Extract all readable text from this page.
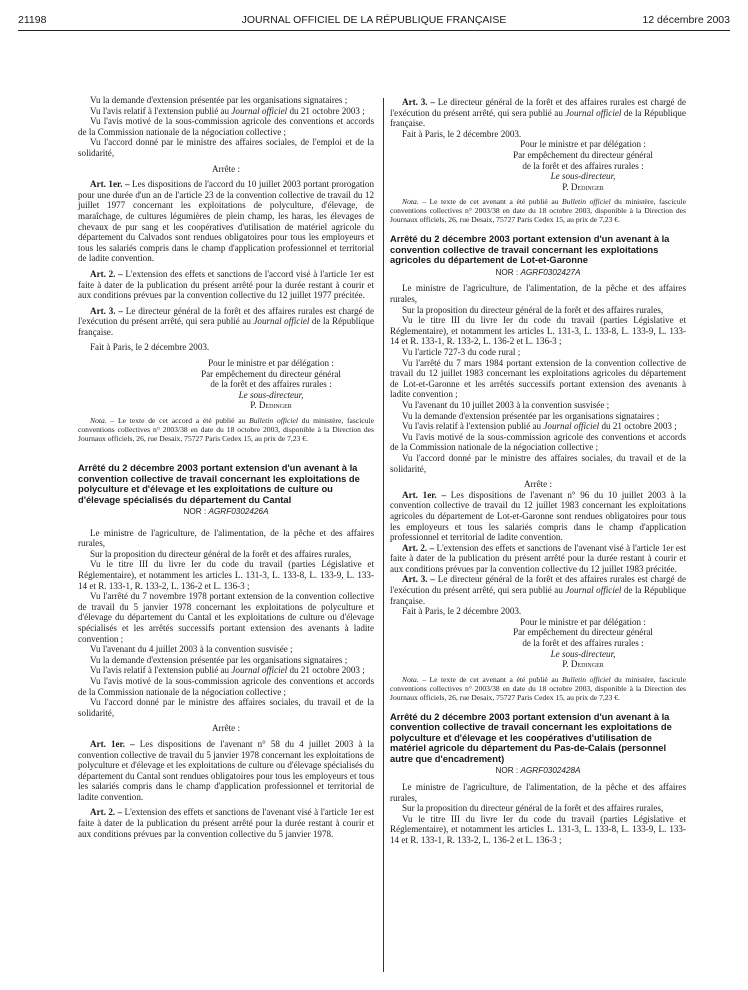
21198	JOURNAL OFFICIEL DE LA RÉPUBLIQUE FRANÇAISE	12 décembre 2003

Vu la demande d'extension présentée par les organisations signataires ;

Vu l'avis relatif à l'extension publié au Journal officiel du 21 octobre 2003 ;

Vu l'avis motivé de la sous-commission agricole des conventions et accords de la Commission nationale de la négociation collective ;

Vu l'accord donné par le ministre des affaires sociales, de l'emploi et de la solidarité,

Arrête :

Art. 1er. – Les dispositions de l'accord du 10 juillet 2003 portant prorogation pour une durée d'un an de l'article 23 de la convention collective de travail du 12 juillet 1977 concernant les exploitations de polyculture, d'élevage, de maraîchage, de cultures légumières de plein champ, les haras, les élevages de chevaux de pur sang et les coopératives d'utilisation de matériel agricole du département du Calvados sont rendues obligatoires pour tous les employeurs et tous les salariés compris dans le champ d'application professionnel et territorial de ladite convention.

Art. 2. – L'extension des effets et sanctions de l'accord visé à l'article 1er est faite à dater de la publication du présent arrêté pour la durée restant à courir et aux conditions prévues par la convention collective du 12 juillet 1977 précitée.

Art. 3. – Le directeur général de la forêt et des affaires rurales est chargé de l'exécution du présent arrêté, qui sera publié au Journal officiel de la République française.

Fait à Paris, le 2 décembre 2003.

Pour le ministre et par délégation :
Par empêchement du directeur général
de la forêt et des affaires rurales :
Le sous-directeur,
P. Dedinger

Nota. – Le texte de cet accord a été publié au Bulletin officiel du ministère, fascicule conventions collectives n° 2003/38 en date du 18 octobre 2003, disponible à la Direction des Journaux officiels, 26, rue Desaix, 75727 Paris Cedex 15, au prix de 7,23 €.

Arrêté du 2 décembre 2003 portant extension d'un avenant à la convention collective de travail concernant les exploitations de polyculture et d'élevage et les exploitations de culture ou d'élevage spécialisés du département du Cantal

NOR : AGRF0302426A

Le ministre de l'agriculture, de l'alimentation, de la pêche et des affaires rurales,

Sur la proposition du directeur général de la forêt et des affaires rurales,

Vu le titre III du livre Ier du code du travail (parties Législative et Réglementaire), et notamment les articles L. 131-3, L. 133-8, L. 133-9, L. 133-14 et R. 133-1, R. 133-2, L. 136-2 et L. 136-3 ;

Vu l'arrêté du 7 novembre 1978 portant extension de la convention collective de travail du 5 janvier 1978 concernant les exploitations de polyculture et d'élevage du département du Cantal et les exploitations de culture ou d'élevage spécialisés et les arrêtés successifs portant extension des avenants à ladite convention ;

Vu l'avenant du 4 juillet 2003 à la convention susvisée ;

Vu la demande d'extension présentée par les organisations signataires ;

Vu l'avis relatif à l'extension publié au Journal officiel du 21 octobre 2003 ;

Vu l'avis motivé de la sous-commission agricole des conventions et accords de la Commission nationale de la négociation collective ;

Vu l'accord donné par le ministre des affaires sociales, du travail et de la solidarité,

Arrête :

Art. 1er. – Les dispositions de l'avenant n° 58 du 4 juillet 2003 à la convention collective de travail du 5 janvier 1978 concernant les exploitations de polyculture et d'élevage et les exploitations de culture ou d'élevage spécialisés du département du Cantal sont rendues obligatoires pour tous les employeurs et tous les salariés compris dans le champ d'application professionnel et territorial de ladite convention.

Art. 2. – L'extension des effets et sanctions de l'avenant visé à l'article 1er est faite à dater de la publication du présent arrêté pour la durée restant à courir et aux conditions prévues par la convention collective du 5 janvier 1978.

Art. 3. – Le directeur général de la forêt et des affaires rurales est chargé de l'exécution du présent arrêté, qui sera publié au Journal officiel de la République française.

Fait à Paris, le 2 décembre 2003.

Pour le ministre et par délégation :
Par empêchement du directeur général
de la forêt et des affaires rurales :
Le sous-directeur,
P. Dedinger

Nota. – Le texte de cet avenant a été publié au Bulletin officiel du ministère, fascicule conventions collectives n° 2003/38 en date du 18 octobre 2003, disponible à la Direction des Journaux officiels, 26, rue Desaix, 75727 Paris Cedex 15, au prix de 7,23 €.

Arrêté du 2 décembre 2003 portant extension d'un avenant à la convention collective de travail concernant les exploitations agricoles du département de Lot-et-Garonne

NOR : AGRF0302427A

Le ministre de l'agriculture, de l'alimentation, de la pêche et des affaires rurales,

Sur la proposition du directeur général de la forêt et des affaires rurales,

Vu le titre III du livre Ier du code du travail (parties Législative et Réglementaire), et notamment les articles L. 131-3, L. 133-8, L. 133-9, L. 133-14 et R. 133-1, R. 133-2, L. 136-2 et L. 136-3 ;

Vu l'article 727-3 du code rural ;

Vu l'arrêté du 7 mars 1984 portant extension de la convention collective de travail du 12 juillet 1983 concernant les exploitations agricoles du département de Lot-et-Garonne et les arrêtés successifs portant extension des avenants à ladite convention ;

Vu l'avenant du 10 juillet 2003 à la convention susvisée ;

Vu la demande d'extension présentée par les organisations signataires ;

Vu l'avis relatif à l'extension publié au Journal officiel du 21 octobre 2003 ;

Vu l'avis motivé de la sous-commission agricole des conventions et accords de la Commission nationale de la négociation collective ;

Vu l'accord donné par le ministre des affaires sociales, du travail et de la solidarité,

Arrête :

Art. 1er. – Les dispositions de l'avenant n° 96 du 10 juillet 2003 à la convention collective de travail du 12 juillet 1983 concernant les exploitations agricoles du département de Lot-et-Garonne sont rendues obligatoires pour tous les employeurs et tous les salariés compris dans le champ d'application professionnel et territorial de ladite convention.

Art. 2. – L'extension des effets et sanctions de l'avenant visé à l'article 1er est faite à dater de la publication du présent arrêté pour la durée restant à courir et aux conditions prévues par la convention collective du 12 juillet 1983 précitée.

Art. 3. – Le directeur général de la forêt et des affaires rurales est chargé de l'exécution du présent arrêté, qui sera publié au Journal officiel de la République française.

Fait à Paris, le 2 décembre 2003.

Pour le ministre et par délégation :
Par empêchement du directeur général
de la forêt et des affaires rurales :
Le sous-directeur,
P. Dedinger

Nota. – Le texte de cet avenant a été publié au Bulletin officiel du ministère, fascicule conventions collectives n° 2003/38 en date du 18 octobre 2003, disponible à la Direction des Journaux officiels, 26, rue Desaix, 75727 Paris Cedex 15, au prix de 7,23 €.

Arrêté du 2 décembre 2003 portant extension d'un avenant à la convention collective de travail concernant les exploitations de polyculture et d'élevage et les coopératives d'utilisation de matériel agricole du département du Pas-de-Calais (personnel autre que d'encadrement)

NOR : AGRF0302428A

Le ministre de l'agriculture, de l'alimentation, de la pêche et des affaires rurales,

Sur la proposition du directeur général de la forêt et des affaires rurales,

Vu le titre III du livre Ier du code du travail (parties Législative et Réglementaire), et notamment les articles L. 131-3, L. 133-8, L. 133-9, L. 133-14 et R. 133-1, R. 133-2, L. 136-2 et L. 136-3 ;
